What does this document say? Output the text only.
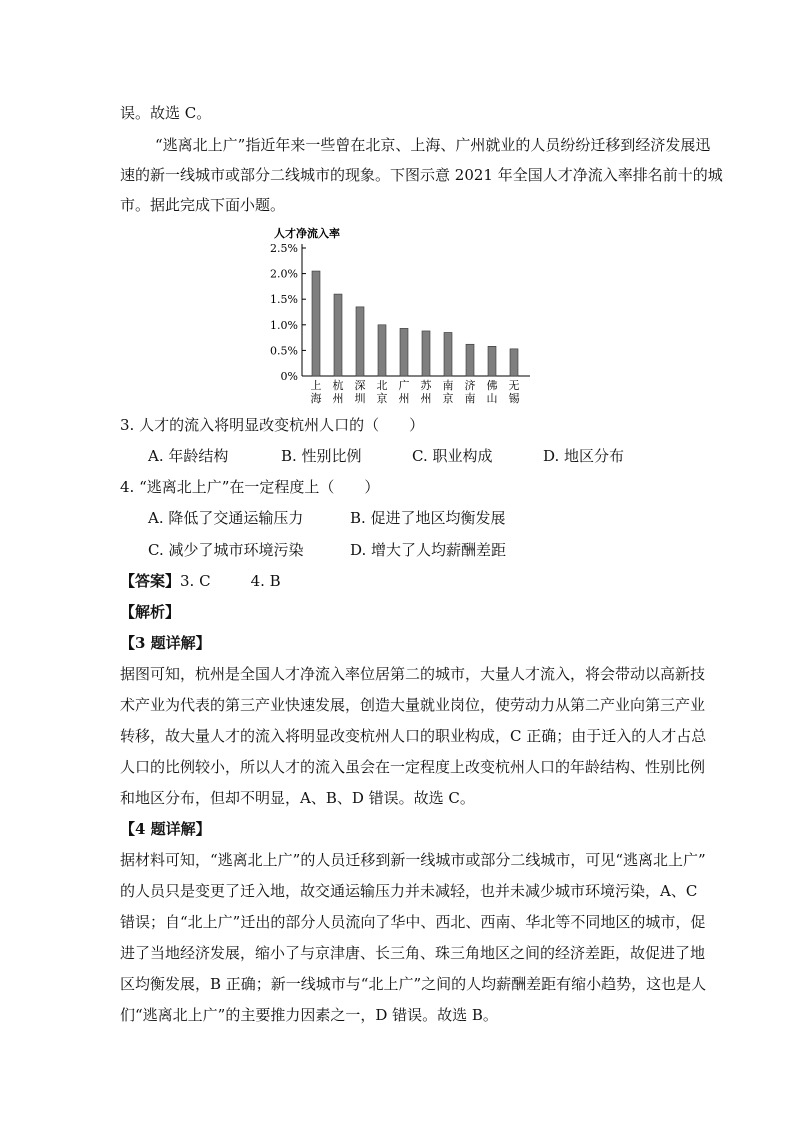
误。故选 C。
“逃离北上广”指近年来一些曾在北京、上海、广州就业的人员纷纷迁移到经济发展迅
速的新一线城市或部分二线城市的现象。下图示意 2021 年全国人才净流入率排名前十的城
市。据此完成下面小题。
人才净流入率
0%
0.5%
1.0%
1.5%
2.0%
2.5%
上海
杭州
深圳
北京
广州
苏州
南京
济南
佛山
无锡
3. 人才的流入将明显改变杭州人口的（　　）
A. 年龄结构	B. 性别比例	C. 职业构成	D. 地区分布
4. “逃离北上广”在一定程度上（　　）
A. 降低了交通运输压力	B. 促进了地区均衡发展
C. 减少了城市环境污染	D. 增大了人均薪酬差距
【答案】3. C	4. B
【解析】
【3 题详解】
据图可知，杭州是全国人才净流入率位居第二的城市，大量人才流入，将会带动以高新技
术产业为代表的第三产业快速发展，创造大量就业岗位，使劳动力从第二产业向第三产业
转移，故大量人才的流入将明显改变杭州人口的职业构成，C 正确；由于迁入的人才占总
人口的比例较小，所以人才的流入虽会在一定程度上改变杭州人口的年龄结构、性别比例
和地区分布，但却不明显，A、B、D 错误。故选 C。
【4 题详解】
据材料可知，“逃离北上广”的人员迁移到新一线城市或部分二线城市，可见“逃离北上广”
的人员只是变更了迁入地，故交通运输压力并未减轻，也并未减少城市环境污染，A、C
错误；自“北上广”迁出的部分人员流向了华中、西北、西南、华北等不同地区的城市，促
进了当地经济发展，缩小了与京津唐、长三角、珠三角地区之间的经济差距，故促进了地
区均衡发展，B 正确；新一线城市与“北上广”之间的人均薪酬差距有缩小趋势，这也是人
们“逃离北上广”的主要推力因素之一，D 错误。故选 B。
